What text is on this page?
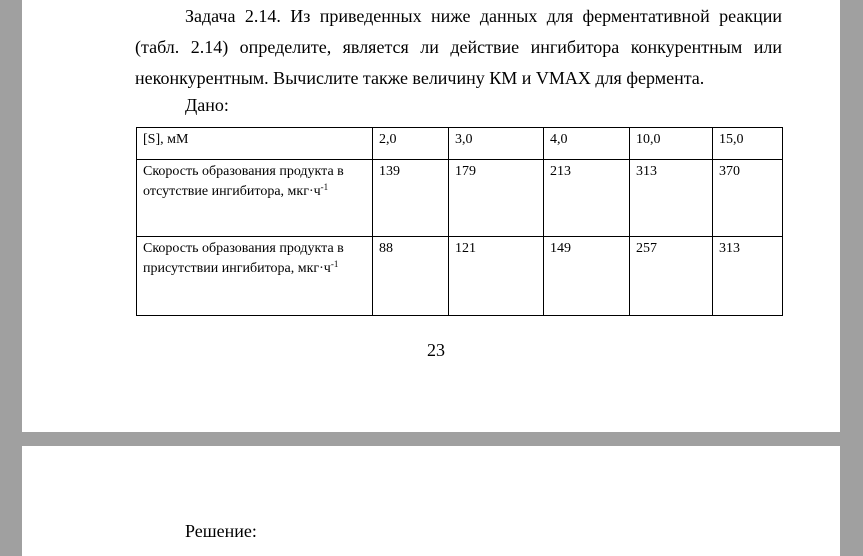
Задача 2.14. Из приведенных ниже данных для ферментативной реакции
(табл. 2.14) определите, является ли действие ингибитора конкурентным или
неконкурентным. Вычислите также величину КМ и VMAX для фермента.

Дано:
[S], мМ	2,0	3,0	4,0	10,0	15,0
Скорость образования продукта в отсутствие ингибитора, $мкг\cdot ч^{-1}$	139	179	213	313	370
Скорость образования продукта в присутствии ингибитора, $мкг\cdot ч^{-1}$	88	121	149	257	313
23
Решение:
